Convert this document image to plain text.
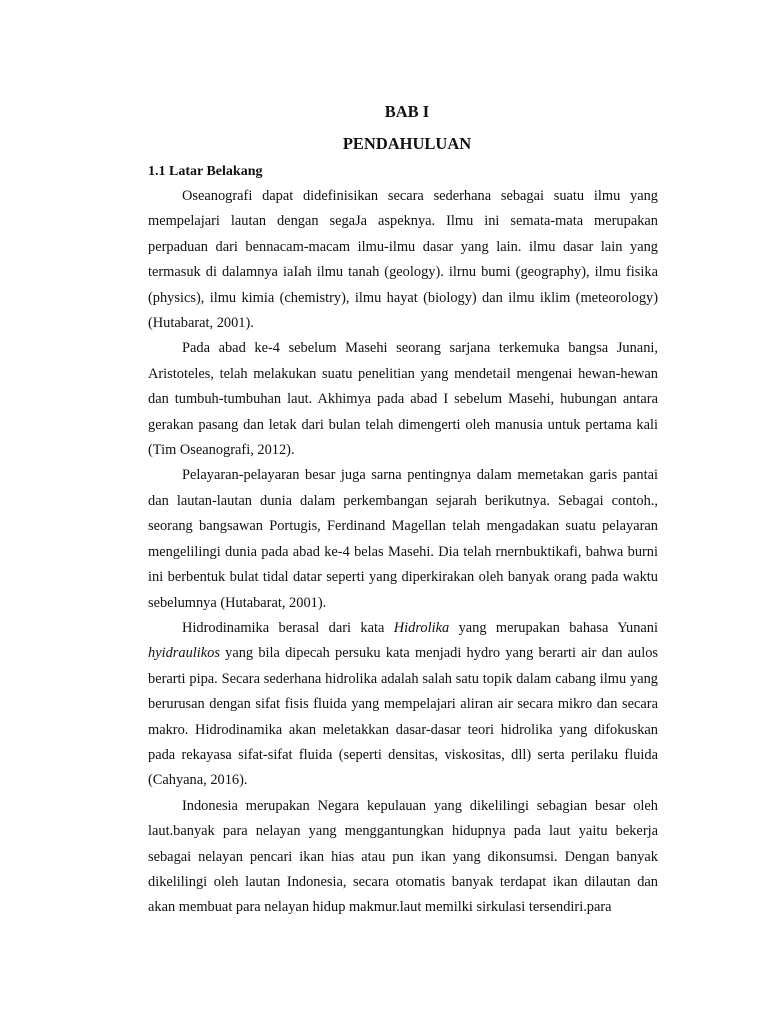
BAB I
PENDAHULUAN
1.1 Latar Belakang

Oseanografi dapat didefinisikan secara sederhana sebagai suatu ilmu yang mempelajari lautan dengan segaJa aspeknya. Ilmu ini semata-mata merupakan perpaduan dari bennacam-macam ilmu-ilmu dasar yang lain. ilmu dasar lain yang termasuk di dalamnya iaIah ilmu tanah (geology). ilrnu bumi (geography), ilmu fisika (physics), ilmu kimia (chemistry), ilmu hayat (biology) dan ilmu iklim (meteorology) (Hutabarat, 2001).

Pada abad ke-4 sebelum Masehi seorang sarjana terkemuka bangsa Junani, Aristoteles, telah melakukan suatu penelitian yang mendetail mengenai hewan-hewan dan tumbuh-tumbuhan laut. Akhimya pada abad I sebelum Masehi, hubungan antara gerakan pasang dan letak dari bulan telah dimengerti oleh manusia untuk pertama kali (Tim Oseanografi, 2012).

Pelayaran-pelayaran besar juga sarna pentingnya dalam memetakan garis pantai dan lautan-lautan dunia dalam perkembangan sejarah berikutnya. Sebagai contoh., seorang bangsawan Portugis, Ferdinand Magellan telah mengadakan suatu pelayaran mengelilingi dunia pada abad ke-4 belas Masehi. Dia telah rnernbuktikafi, bahwa burni ini berbentuk bulat tidal datar seperti yang diperkirakan oleh banyak orang pada waktu sebelumnya (Hutabarat, 2001).

Hidrodinamika berasal dari kata Hidrolika yang merupakan bahasa Yunani hyidraulikos yang bila dipecah persuku kata menjadi hydro yang berarti air dan aulos berarti pipa. Secara sederhana hidrolika adalah salah satu topik dalam cabang ilmu yang berurusan dengan sifat fisis fluida yang mempelajari aliran air secara mikro dan secara makro. Hidrodinamika akan meletakkan dasar-dasar teori hidrolika yang difokuskan pada rekayasa sifat-sifat fluida (seperti densitas, viskositas, dll) serta perilaku fluida (Cahyana, 2016).

Indonesia merupakan Negara kepulauan yang dikelilingi sebagian besar oleh laut.banyak para nelayan yang menggantungkan hidupnya pada laut yaitu bekerja sebagai nelayan pencari ikan hias atau pun ikan yang dikonsumsi. Dengan banyak dikelilingi oleh lautan Indonesia, secara otomatis banyak terdapat ikan dilautan dan akan membuat para nelayan hidup makmur.laut memilki sirkulasi tersendiri.para
